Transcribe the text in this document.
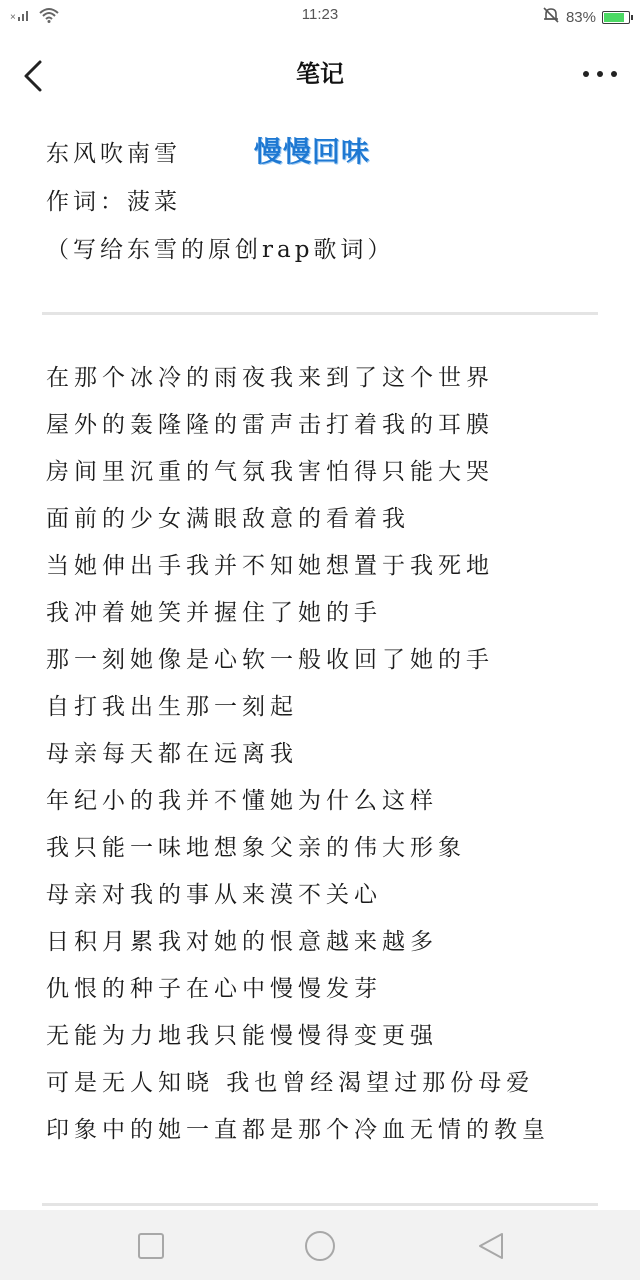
×	11:23	83%
笔记
东风吹南雪	慢慢回味
作词：菠菜
（写给东雪的原创rap歌词）
在那个冰冷的雨夜我来到了这个世界
屋外的轰隆隆的雷声击打着我的耳膜
房间里沉重的气氛我害怕得只能大哭
面前的少女满眼敌意的看着我
当她伸出手我并不知她想置于我死地
我冲着她笑并握住了她的手
那一刻她像是心软一般收回了她的手
自打我出生那一刻起
母亲每天都在远离我
年纪小的我并不懂她为什么这样
我只能一味地想象父亲的伟大形象
母亲对我的事从来漠不关心
日积月累我对她的恨意越来越多
仇恨的种子在心中慢慢发芽
无能为力地我只能慢慢得变更强
可是无人知晓 我也曾经渴望过那份母爱
印象中的她一直都是那个冷血无情的教皇
